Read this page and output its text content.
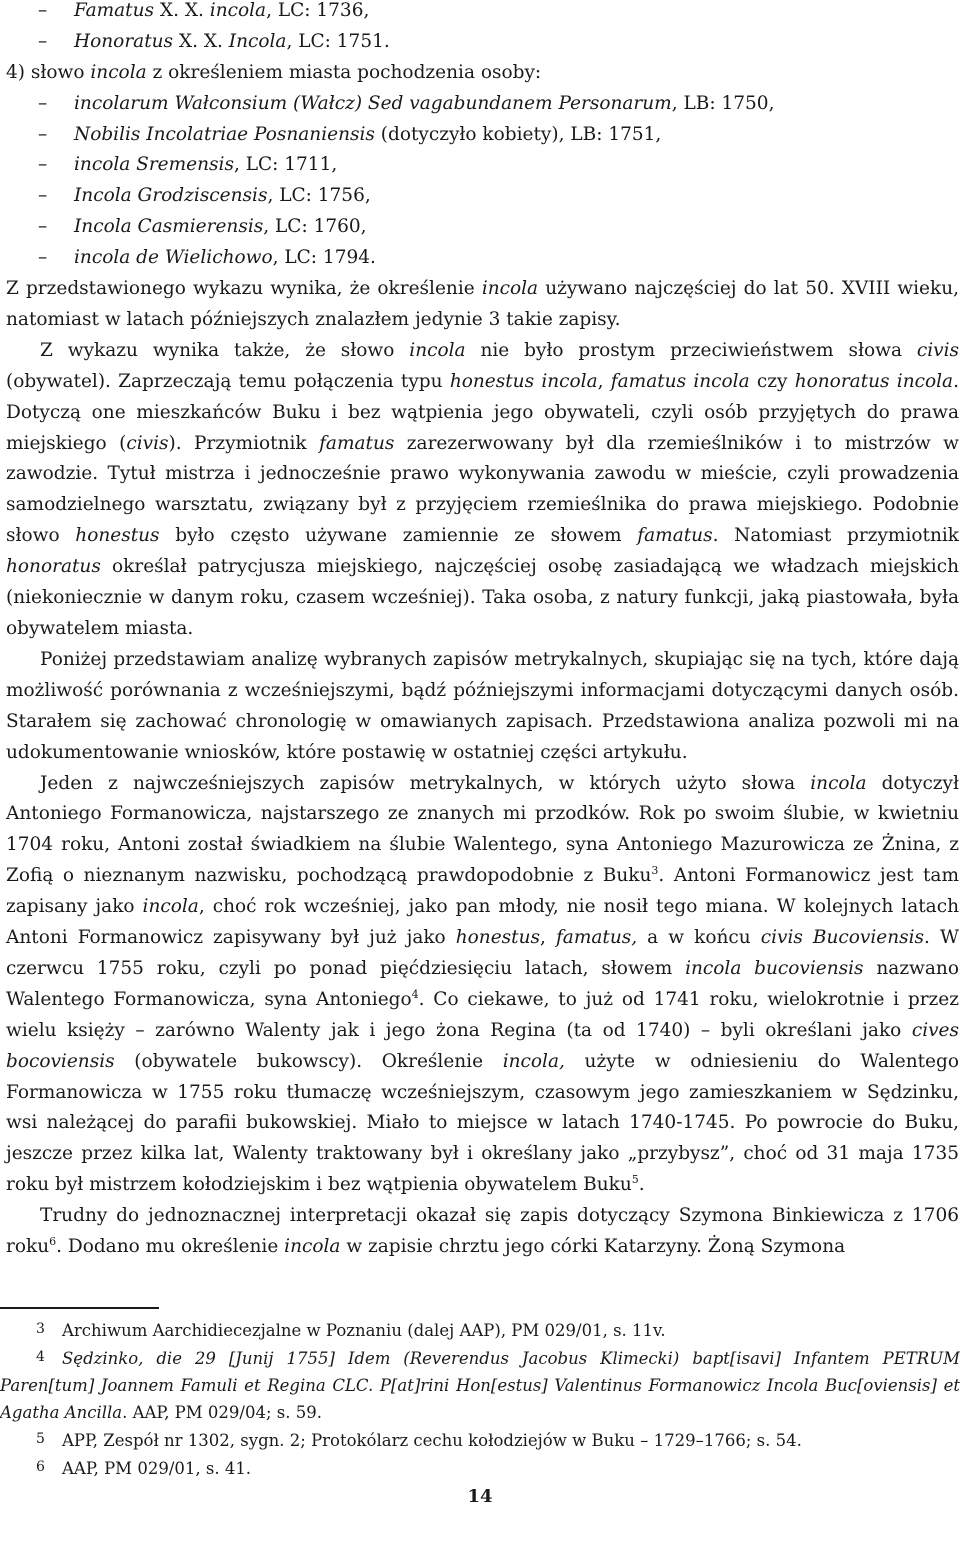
– Famatus X. X. incola, LC: 1736,
– Honoratus X. X. Incola, LC: 1751.
4) słowo incola z określeniem miasta pochodzenia osoby:
– incolarum Wałconsium (Wałcz) Sed vagabundanem Personarum, LB: 1750,
– Nobilis Incolatriae Posnaniensis (dotyczyło kobiety), LB: 1751,
– incola Sremensis, LC: 1711,
– Incola Grodziscensis, LC: 1756,
– Incola Casmierensis, LC: 1760,
– incola de Wielichowo, LC: 1794.
Z przedstawionego wykazu wynika, że określenie incola używano najczęściej do lat 50. XVIII wieku, natomiast w latach późniejszych znalazłem jedynie 3 takie zapisy.
Z wykazu wynika także, że słowo incola nie było prostym przeciwieństwem słowa civis (obywatel). Zaprzeczają temu połączenia typu honestus incola, famatus incola czy honoratus incola. Dotyczą one mieszkańców Buku i bez wątpienia jego obywateli, czyli osób przyjętych do prawa miejskiego (civis). Przymiotnik famatus zarezerwowany był dla rzemieślników i to mistrzów w zawodzie. Tytuł mistrza i jednocześnie prawo wykonywania zawodu w mieście, czyli prowadzenia samodzielnego warsztatu, związany był z przyjęciem rzemieślnika do prawa miejskiego. Podobnie słowo honestus było często używane zamiennie ze słowem famatus. Natomiast przymiotnik honoratus określał patrycjusza miejskiego, najczęściej osobę zasiadającą we władzach miejskich (niekoniecznie w danym roku, czasem wcześniej). Taka osoba, z natury funkcji, jaką piastowała, była obywatelem miasta.
Poniżej przedstawiam analizę wybranych zapisów metrykalnych, skupiając się na tych, które dają możliwość porównania z wcześniejszymi, bądź późniejszymi informacjami dotyczącymi danych osób. Starałem się zachować chronologię w omawianych zapisach. Przedstawiona analiza pozwoli mi na udokumentowanie wniosków, które postawię w ostatniej części artykułu.
Jeden z najwcześniejszych zapisów metrykalnych, w których użyto słowa incola dotyczył Antoniego Formanowicza, najstarszego ze znanych mi przodków. Rok po swoim ślubie, w kwietniu 1704 roku, Antoni został świadkiem na ślubie Walentego, syna Antoniego Mazurowicza ze Żnina, z Zofią o nieznanym nazwisku, pochodzącą prawdopodobnie z Buku$^3$. Antoni Formanowicz jest tam zapisany jako incola, choć rok wcześniej, jako pan młody, nie nosił tego miana. W kolejnych latach Antoni Formanowicz zapisywany był już jako honestus, famatus, a w końcu civis Bucoviensis. W czerwcu 1755 roku, czyli po ponad pięćdziesięciu latach, słowem incola bucoviensis nazwano Walentego Formanowicza, syna Antoniego$^4$. Co ciekawe, to już od 1741 roku, wielokrotnie i przez wielu księży – zarówno Walenty jak i jego żona Regina (ta od 1740) – byli określani jako cives bocoviensis (obywatele bukowscy). Określenie incola, użyte w odniesieniu do Walentego Formanowicza w 1755 roku tłumaczę wcześniejszym, czasowym jego zamieszkaniem w Sędzinku, wsi należącej do parafii bukowskiej. Miało to miejsce w latach 1740-1745. Po powrocie do Buku, jeszcze przez kilka lat, Walenty traktowany był i określany jako „przybysz”, choć od 31 maja 1735 roku był mistrzem kołodziejskim i bez wątpienia obywatelem Buku$^5$.
Trudny do jednoznacznej interpretacji okazał się zapis dotyczący Szymona Binkiewicza z 1706 roku$^6$. Dodano mu określenie incola w zapisie chrztu jego córki Katarzyny. Żoną Szymona
3 Archiwum Aarchidiecezjalne w Poznaniu (dalej AAP), PM 029/01, s. 11v.
4 Sędzinko, die 29 [Junij 1755] Idem (Reverendus Jacobus Klimecki) bapt[isavi] Infantem PETRUM Paren[tum] Joannem Famuli et Regina CLC. P[at]rini Hon[estus] Valentinus Formanowicz Incola Buc[oviensis] et Agatha Ancilla. AAP, PM 029/04; s. 59.
5 APP, Zespół nr 1302, sygn. 2; Protokólarz cechu kołodziejów w Buku – 1729–1766; s. 54.
6 AAP, PM 029/01, s. 41.
14
